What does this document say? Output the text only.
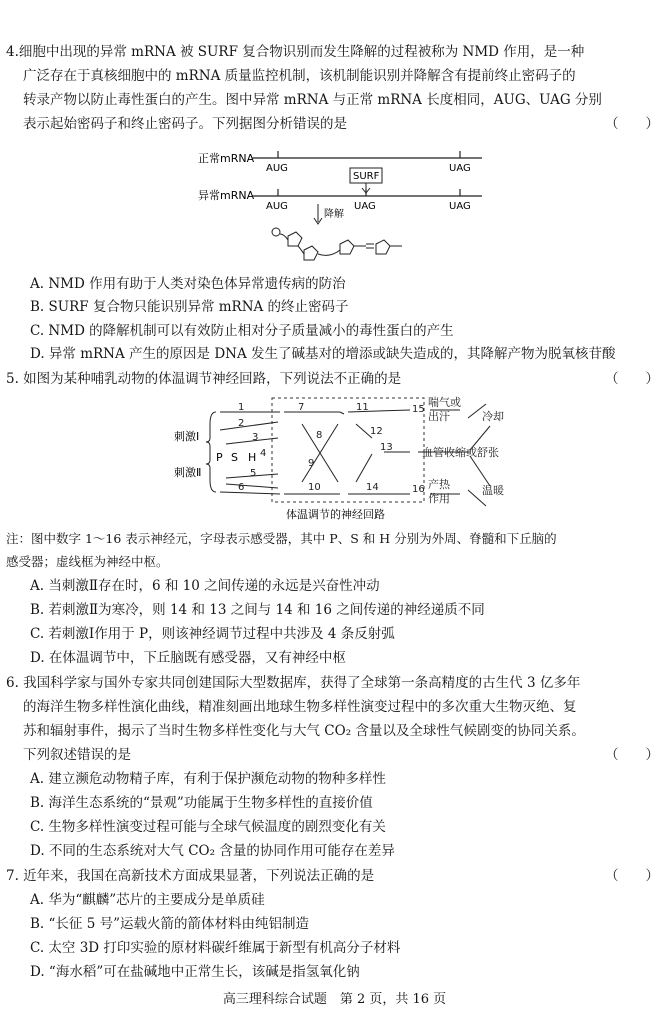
4.细胞中出现的异常 mRNA 被 SURF 复合物识别而发生降解的过程被称为 NMD 作用，是一种
广泛存在于真核细胞中的 mRNA 质量监控机制，该机制能识别并降解含有提前终止密码子的
转录产物以防止毒性蛋白的产生。图中异常 mRNA 与正常 mRNA 长度相同，AUG、UAG 分别
表示起始密码子和终止密码子。下列据图分析错误的是	（　　）
正常mRNA
AUG	UAG
SURF
异常mRNA
AUG	UAG	UAG
降解
A. NMD 作用有助于人类对染色体异常遗传病的防治
B. SURF 复合物只能识别异常 mRNA 的终止密码子
C. NMD 的降解机制可以有效防止相对分子质量减小的毒性蛋白的产生
D. 异常 mRNA 产生的原因是 DNA 发生了碱基对的增添或缺失造成的，其降解产物为脱氧核苷酸
5. 如图为某种哺乳动物的体温调节神经回路，下列说法不正确的是	（　　）
刺激Ⅰ
刺激Ⅱ
P S H
1
2
3
4
5
6
7
8
9
10
11
12
13
14
15
16
喘气或
出汗	冷却
血管收缩或舒张
产热
作用
温暖
体温调节的神经回路
注：图中数字 1～16 表示神经元，字母表示感受器，其中 P、S 和 H 分别为外周、脊髓和下丘脑的
感受器；虚线框为神经中枢。
A. 当刺激Ⅱ存在时，6 和 10 之间传递的永远是兴奋性冲动
B. 若刺激Ⅱ为寒冷，则 14 和 13 之间与 14 和 16 之间传递的神经递质不同
C. 若刺激Ⅰ作用于 P，则该神经调节过程中共涉及 4 条反射弧
D. 在体温调节中，下丘脑既有感受器，又有神经中枢
6. 我国科学家与国外专家共同创建国际大型数据库，获得了全球第一条高精度的古生代 3 亿多年
的海洋生物多样性演化曲线，精准刻画出地球生物多样性演变过程中的多次重大生物灭绝、复
苏和辐射事件，揭示了当时生物多样性变化与大气 CO₂ 含量以及全球性气候剧变的协同关系。
下列叙述错误的是	（　　）
A. 建立濒危动物精子库，有利于保护濒危动物的物种多样性
B. 海洋生态系统的“景观”功能属于生物多样性的直接价值
C. 生物多样性演变过程可能与全球气候温度的剧烈变化有关
D. 不同的生态系统对大气 CO₂ 含量的协同作用可能存在差异
7. 近年来，我国在高新技术方面成果显著，下列说法正确的是	（　　）
A. 华为“麒麟”芯片的主要成分是单质硅
B. “长征 5 号”运载火箭的箭体材料由纯铝制造
C. 太空 3D 打印实验的原材料碳纤维属于新型有机高分子材料
D. “海水稻”可在盐碱地中正常生长，该碱是指氢氧化钠
高三理科综合试题　第 2 页，共 16 页
